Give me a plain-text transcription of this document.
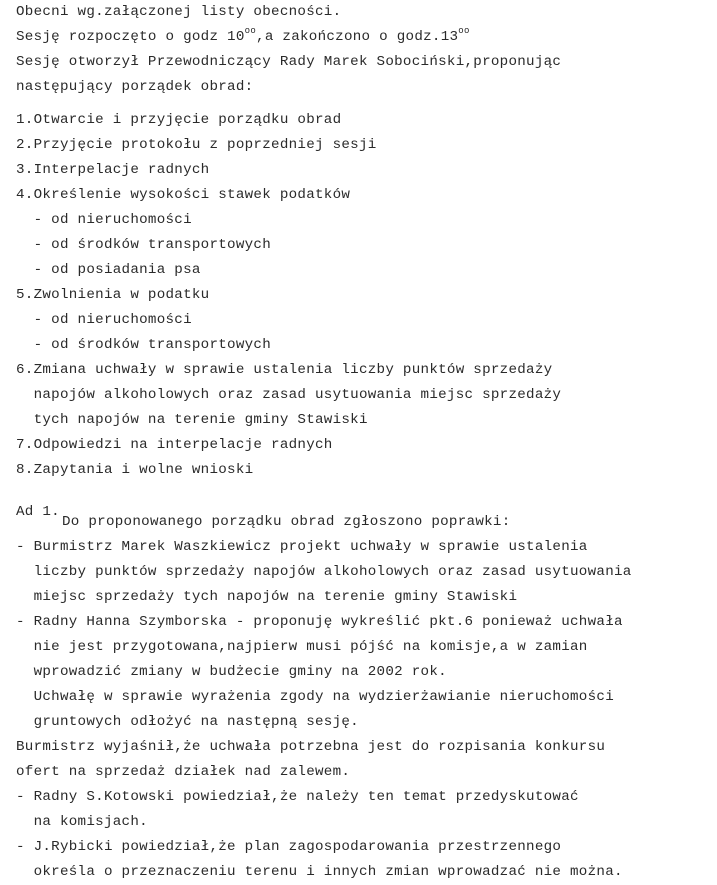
Obecni wg.załączonej listy obecności.
Sesję rozpoczęto o godz $10^{oo},a$ zakończono o $godz.13^{oo}$
Sesję otworzył Przewodniczący Rady Marek Sobociński,proponując
następujący porządek obrad:
1.Otwarcie i przyjęcie porządku obrad
2.Przyjęcie protokołu z poprzedniej sesji
3.Interpelacje radnych
4.Określenie wysokości stawek podatków
- od nieruchomości
- od środków transportowych
- od posiadania psa
5.Zwolnienia w podatku
- od nieruchomości
- od środków transportowych
6.Zmiana uchwały w sprawie ustalenia liczby punktów sprzedaży
napojów alkoholowych oraz zasad usytuowania miejsc sprzedaży
tych napojów na terenie gminy Stawiski
7.Odpowiedzi na interpelacje radnych
8.Zapytania i wolne wnioski
Ad 1.
Do proponowanego porządku obrad zgłoszono poprawki:
- Burmistrz Marek Waszkiewicz projekt uchwały w sprawie ustalenia
liczby punktów sprzedaży napojów alkoholowych oraz zasad usytuowania
miejsc sprzedaży tych napojów na terenie gminy Stawiski
- Radny Hanna Szymborska - proponuję wykreślić pkt.6 ponieważ uchwała
nie jest przygotowana,najpierw musi pójść na komisje,a w zamian
wprowadzić zmiany w budżecie gminy na 2002 rok.
Uchwałę w sprawie wyrażenia zgody na wydzierżawianie nieruchomości
gruntowych odłożyć na następną sesję.
Burmistrz wyjaśnił,że uchwała potrzebna jest do rozpisania konkursu
ofert na sprzedaż działek nad zalewem.
- Radny S.Kotowski powiedział,że należy ten temat przedyskutować
na komisjach.
- J.Rybicki powiedział,że plan zagospodarowania przestrzennego
określa o przeznaczeniu terenu i innych zmian wprowadzać nie można.
